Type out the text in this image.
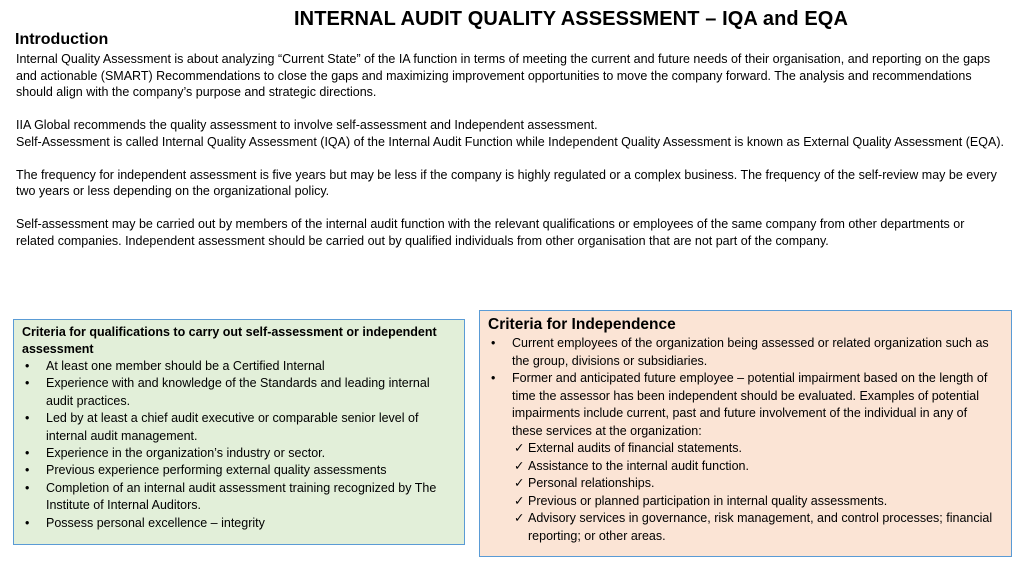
INTERNAL AUDIT QUALITY ASSESSMENT – IQA and EQA
Introduction

Internal Quality Assessment is about analyzing “Current State” of the IA function in terms of meeting the current and future needs of their organisation, and reporting on the gaps and actionable (SMART) Recommendations to close the gaps and maximizing improvement opportunities to move the company forward. The analysis and recommendations should align with the company’s purpose and strategic directions.

IIA Global recommends the quality assessment to involve self-assessment and Independent assessment.

Self-Assessment is called Internal Quality Assessment (IQA) of the Internal Audit Function while Independent Quality Assessment is known as External Quality Assessment (EQA).

The frequency for independent assessment is five years but may be less if the company is highly regulated or a complex business. The frequency of the self-review may be every two years or less depending on the organizational policy.

Self-assessment may be carried out by members of the internal audit function with the relevant qualifications or employees of the same company from other departments or related companies. Independent assessment should be carried out by qualified individuals from other organisation that are not part of the company.

Criteria for qualifications to carry out self-assessment or independent assessment
• At least one member should be a Certified Internal
• Experience with and knowledge of the Standards and leading internal audit practices.
• Led by at least a chief audit executive or comparable senior level of internal audit management.
• Experience in the organization’s industry or sector.
• Previous experience performing external quality assessments
• Completion of an internal audit assessment training recognized by The Institute of Internal Auditors.
• Possess personal excellence – integrity
Criteria for Independence
• Current employees of the organization being assessed or related organization such as the group, divisions or subsidiaries.
• Former and anticipated future employee – potential impairment based on the length of time the assessor has been independent should be evaluated. Examples of potential impairments include current, past and future involvement of the individual in any of these services at the organization:
✓ External audits of financial statements.
✓ Assistance to the internal audit function.
✓ Personal relationships.
✓ Previous or planned participation in internal quality assessments.
✓ Advisory services in governance, risk management, and control processes; financial reporting; or other areas.
